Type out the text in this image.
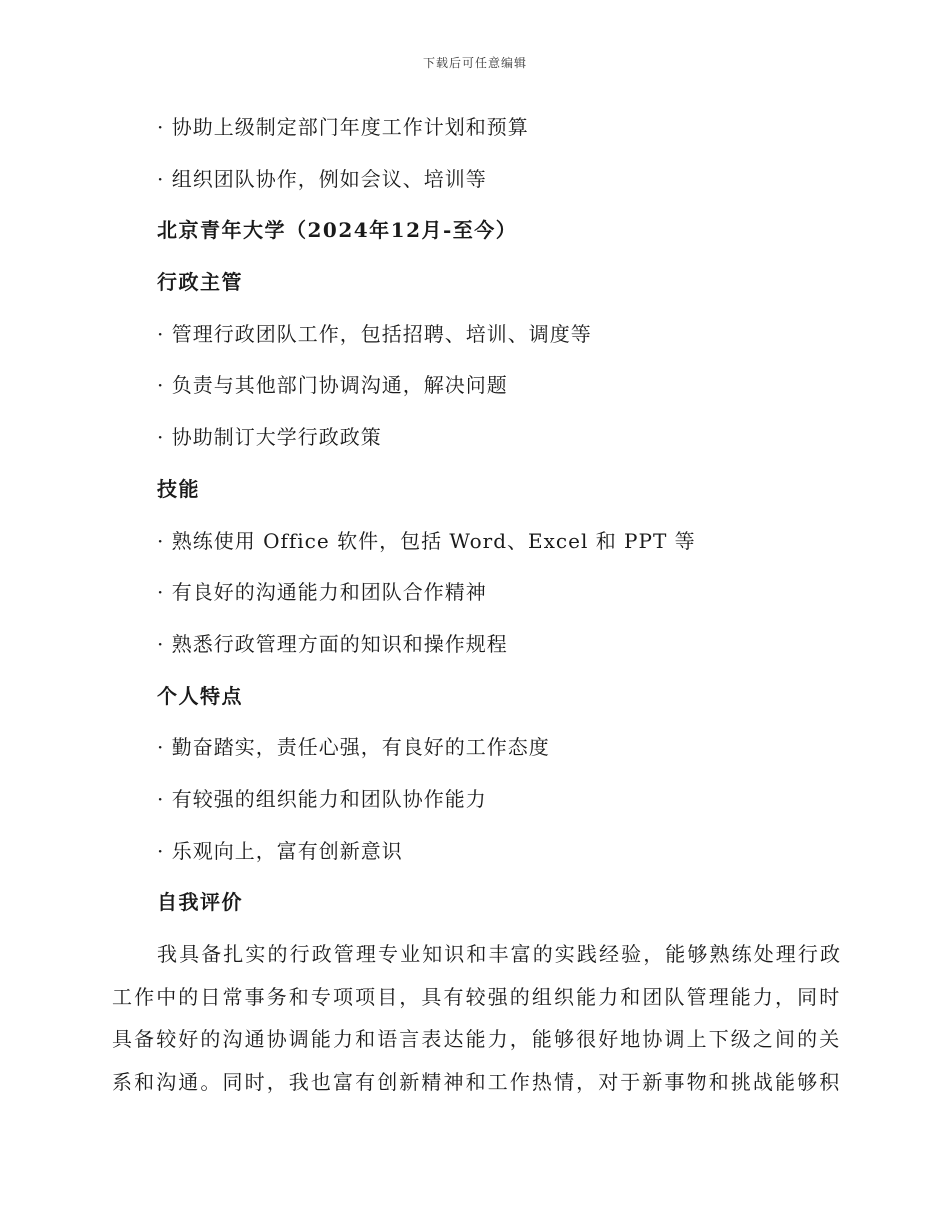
下载后可任意编辑
· 协助上级制定部门年度工作计划和预算
· 组织团队协作，例如会议、培训等
北京青年大学（2024年12月-至今）
行政主管
· 管理行政团队工作，包括招聘、培训、调度等
· 负责与其他部门协调沟通，解决问题
· 协助制订大学行政政策
技能
· 熟练使用 Office 软件，包括 Word、Excel 和 PPT 等
· 有良好的沟通能力和团队合作精神
· 熟悉行政管理方面的知识和操作规程
个人特点
· 勤奋踏实，责任心强，有良好的工作态度
· 有较强的组织能力和团队协作能力
· 乐观向上，富有创新意识
自我评价
我具备扎实的行政管理专业知识和丰富的实践经验，能够熟练处理行政
工作中的日常事务和专项项目，具有较强的组织能力和团队管理能力，同时
具备较好的沟通协调能力和语言表达能力，能够很好地协调上下级之间的关
系和沟通。同时，我也富有创新精神和工作热情，对于新事物和挑战能够积
